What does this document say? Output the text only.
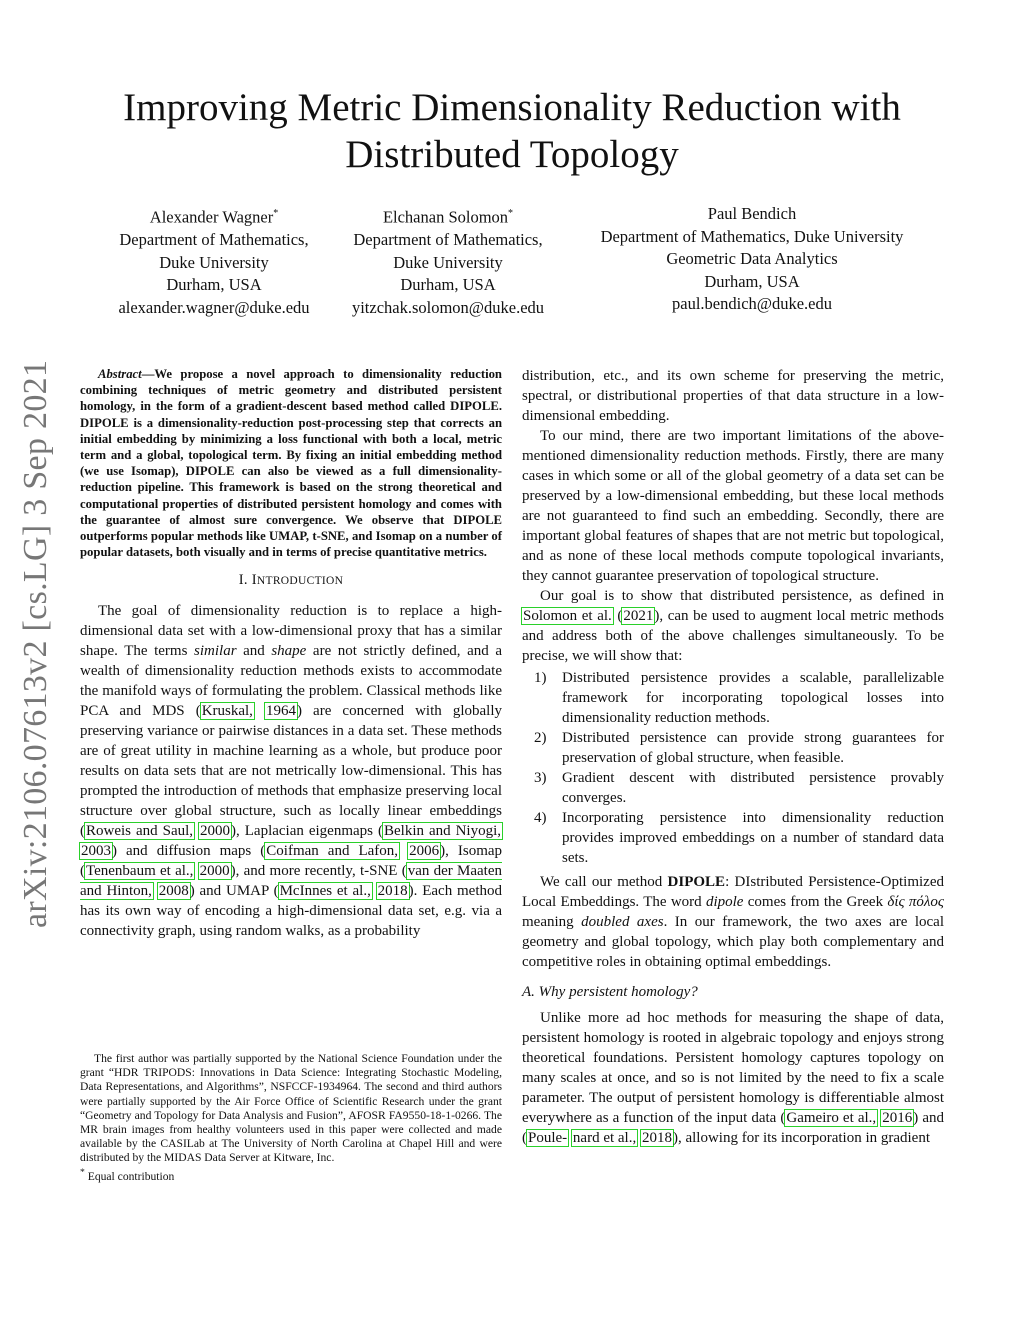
arXiv:2106.07613v2 [cs.LG] 3 Sep 2021
Improving Metric Dimensionality Reduction with Distributed Topology
Alexander Wagner*
Department of Mathematics,
Duke University
Durham, USA
alexander.wagner@duke.edu
Elchanan Solomon*
Department of Mathematics,
Duke University
Durham, USA
yitzchak.solomon@duke.edu
Paul Bendich
Department of Mathematics, Duke University
Geometric Data Analytics
Durham, USA
paul.bendich@duke.edu

Abstract—We propose a novel approach to dimensionality reduction combining techniques of metric geometry and distributed persistent homology, in the form of a gradient-descent based method called DIPOLE. DIPOLE is a dimensionality-reduction post-processing step that corrects an initial embedding by minimizing a loss functional with both a local, metric term and a global, topological term. By fixing an initial embedding method (we use Isomap), DIPOLE can also be viewed as a full dimensionality-reduction pipeline. This framework is based on the strong theoretical and computational properties of distributed persistent homology and comes with the guarantee of almost sure convergence. We observe that DIPOLE outperforms popular methods like UMAP, t-SNE, and Isomap on a number of popular datasets, both visually and in terms of precise quantitative metrics.

I. INTRODUCTION

The goal of dimensionality reduction is to replace a high-dimensional data set with a low-dimensional proxy that has a similar shape. The terms similar and shape are not strictly defined, and a wealth of dimensionality reduction methods exists to accommodate the manifold ways of formulating the problem. Classical methods like PCA and MDS (Kruskal, 1964) are concerned with globally preserving variance or pairwise distances in a data set. These methods are of great utility in machine learning as a whole, but produce poor results on data sets that are not metrically low-dimensional. This has prompted the introduction of methods that emphasize preserving local structure over global structure, such as locally linear embeddings (Roweis and Saul, 2000), Laplacian eigenmaps (Belkin and Niyogi, 2003) and diffusion maps (Coifman and Lafon, 2006), Isomap (Tenenbaum et al., 2000), and more recently, t-SNE (van der Maaten and Hinton, 2008) and UMAP (McInnes et al., 2018). Each method has its own way of encoding a high-dimensional data set, e.g. via a connectivity graph, using random walks, as a probability

The first author was partially supported by the National Science Foundation under the grant “HDR TRIPODS: Innovations in Data Science: Integrating Stochastic Modeling, Data Representations, and Algorithms”, NSFCCF-1934964. The second and third authors were partially supported by the Air Force Office of Scientific Research under the grant “Geometry and Topology for Data Analysis and Fusion”, AFOSR FA9550-18-1-0266. The MR brain images from healthy volunteers used in this paper were collected and made available by the CASILab at The University of North Carolina at Chapel Hill and were distributed by the MIDAS Data Server at Kitware, Inc.

* Equal contribution

distribution, etc., and its own scheme for preserving the metric, spectral, or distributional properties of that data structure in a low-dimensional embedding.

To our mind, there are two important limitations of the above-mentioned dimensionality reduction methods. Firstly, there are many cases in which some or all of the global geometry of a data set can be preserved by a low-dimensional embedding, but these local methods are not guaranteed to find such an embedding. Secondly, there are important global features of shapes that are not metric but topological, and as none of these local methods compute topological invariants, they cannot guarantee preservation of topological structure.

Our goal is to show that distributed persistence, as defined in Solomon et al. (2021), can be used to augment local metric methods and address both of the above challenges simultaneously. To be precise, we will show that:

1) Distributed persistence provides a scalable, parallelizable framework for incorporating topological losses into dimensionality reduction methods.
2) Distributed persistence can provide strong guarantees for preservation of global structure, when feasible.
3) Gradient descent with distributed persistence provably converges.
4) Incorporating persistence into dimensionality reduction provides improved embeddings on a number of standard data sets.

We call our method DIPOLE: DIstributed Persistence-Optimized Local Embeddings. The word dipole comes from the Greek δίς πόλος meaning doubled axes. In our framework, the two axes are local geometry and global topology, which play both complementary and competitive roles in obtaining optimal embeddings.

A. Why persistent homology?

Unlike more ad hoc methods for measuring the shape of data, persistent homology is rooted in algebraic topology and enjoys strong theoretical foundations. Persistent homology captures topology on many scales at once, and so is not limited by the need to fix a scale parameter. The output of persistent homology is differentiable almost everywhere as a function of the input data (Gameiro et al., 2016) and (Poule- nard et al., 2018), allowing for its incorporation in gradient
